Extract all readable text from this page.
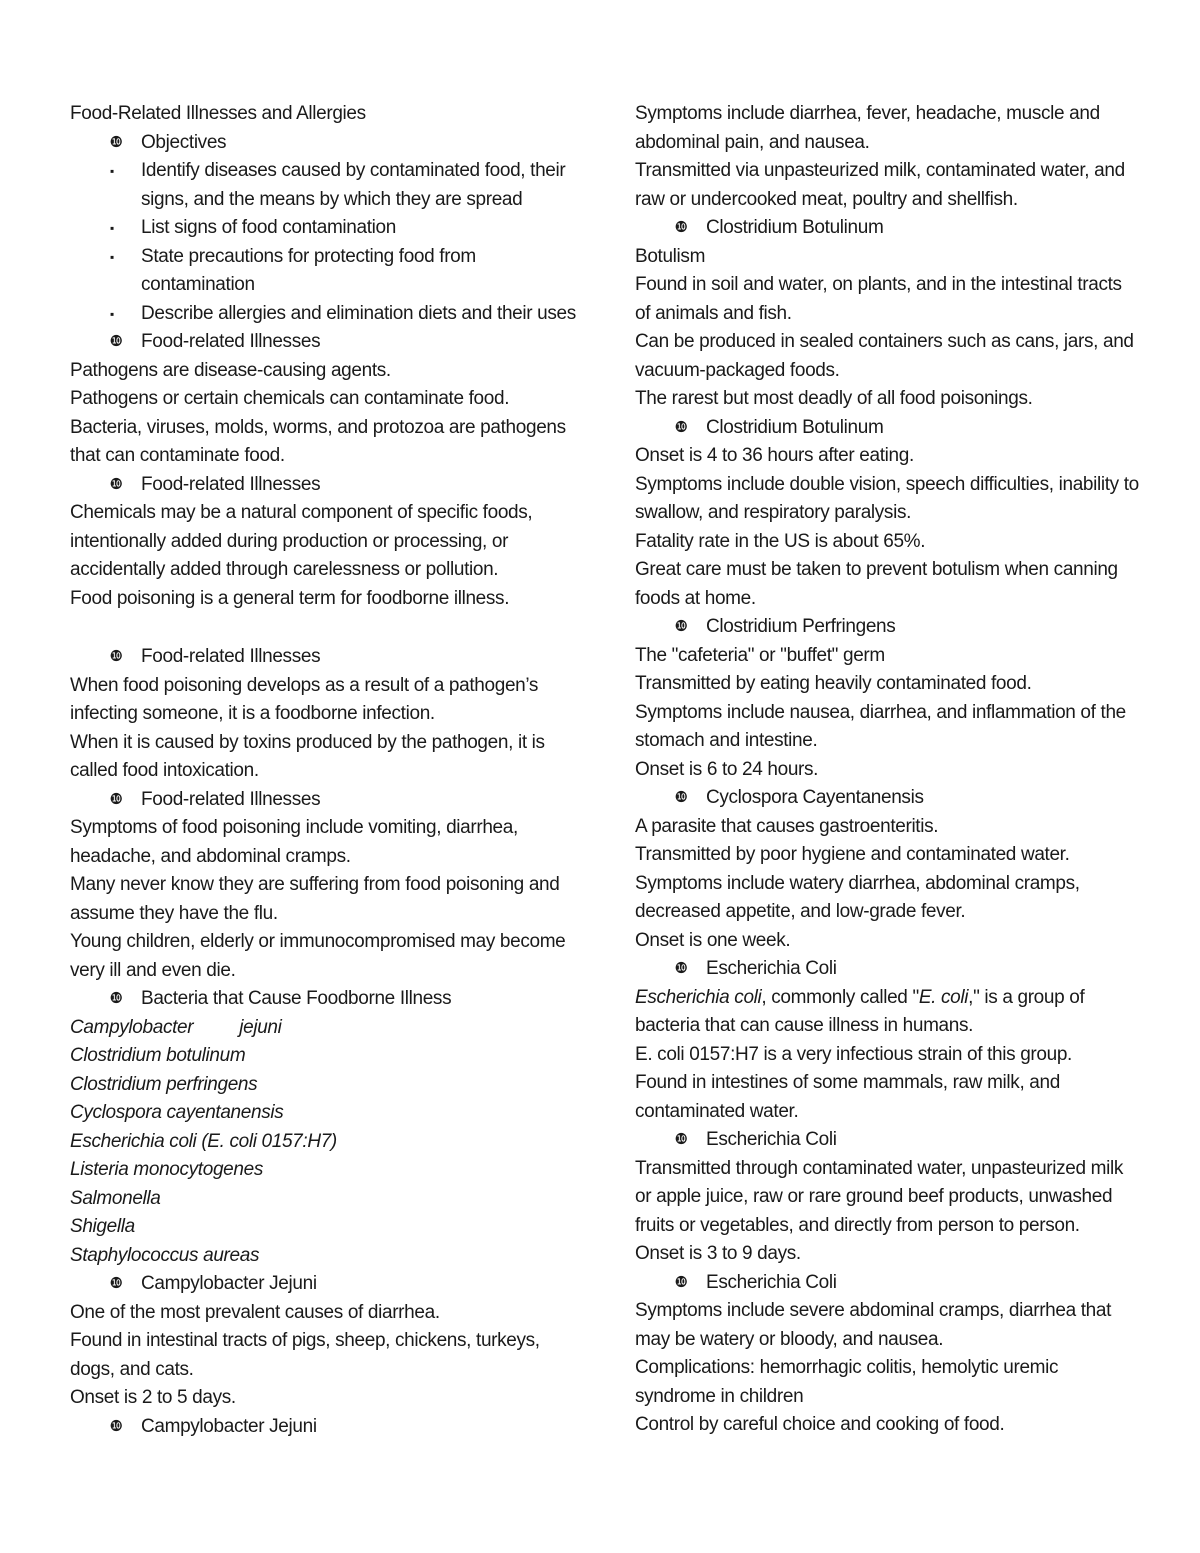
Food-Related Illnesses and Allergies

❿ Objectives
▪	Identify diseases caused by contaminated food, their signs, and the means by which they are spread
▪	List signs of food contamination
▪	State precautions for protecting food from contamination
▪	Describe allergies and elimination diets and their uses
❿ Food-related Illnesses

Pathogens are disease-causing agents.

Pathogens or certain chemicals can contaminate food.

Bacteria, viruses, molds, worms, and protozoa are pathogens that can contaminate food.

❿ Food-related Illnesses

Chemicals may be a natural component of specific foods, intentionally added during production or processing, or accidentally added through carelessness or pollution.

Food poisoning is a general term for foodborne illness.

❿ Food-related Illnesses

When food poisoning develops as a result of a pathogen’s infecting someone, it is a foodborne infection.

When it is caused by toxins produced by the pathogen, it is called food intoxication.

❿ Food-related Illnesses

Symptoms of food poisoning include vomiting, diarrhea, headache, and abdominal cramps.

Many never know they are suffering from food poisoning and assume they have the flu.

Young children, elderly or immunocompromised may become very ill and even die.

❿ Bacteria that Cause Foodborne Illness

Campylobacter jejuni

Clostridium botulinum

Clostridium perfringens

Cyclospora cayentanensis

Escherichia coli (E. coli 0157:H7)

Listeria monocytogenes

Salmonella

Shigella

Staphylococcus aureas

❿ Campylobacter Jejuni

One of the most prevalent causes of diarrhea.

Found in intestinal tracts of pigs, sheep, chickens, turkeys, dogs, and cats.

Onset is 2 to 5 days.

❿ Campylobacter Jejuni

Symptoms include diarrhea, fever, headache, muscle and abdominal pain, and nausea.

Transmitted via unpasteurized milk, contaminated water, and raw or undercooked meat, poultry and shellfish.

❿ Clostridium Botulinum

Botulism

Found in soil and water, on plants, and in the intestinal tracts of animals and fish.

Can be produced in sealed containers such as cans, jars, and vacuum-packaged foods.

The rarest but most deadly of all food poisonings.

❿ Clostridium Botulinum

Onset is 4 to 36 hours after eating.

Symptoms include double vision, speech difficulties, inability to swallow, and respiratory paralysis.

Fatality rate in the US is about 65%.

Great care must be taken to prevent botulism when canning foods at home.

❿ Clostridium Perfringens

The "cafeteria" or "buffet" germ

Transmitted by eating heavily contaminated food.

Symptoms include nausea, diarrhea, and inflammation of the stomach and intestine.

Onset is 6 to 24 hours.

❿ Cyclospora Cayentanensis

A parasite that causes gastroenteritis.

Transmitted by poor hygiene and contaminated water.

Symptoms include watery diarrhea, abdominal cramps, decreased appetite, and low-grade fever.

Onset is one week.

❿ Escherichia Coli

Escherichia coli, commonly called "E. coli," is a group of bacteria that can cause illness in humans.

E. coli 0157:H7 is a very infectious strain of this group.

Found in intestines of some mammals, raw milk, and contaminated water.

❿ Escherichia Coli

Transmitted through contaminated water, unpasteurized milk or apple juice, raw or rare ground beef products, unwashed fruits or vegetables, and directly from person to person.

Onset is 3 to 9 days.

❿ Escherichia Coli

Symptoms include severe abdominal cramps, diarrhea that may be watery or bloody, and nausea.

Complications: hemorrhagic colitis, hemolytic uremic syndrome in children

Control by careful choice and cooking of food.
